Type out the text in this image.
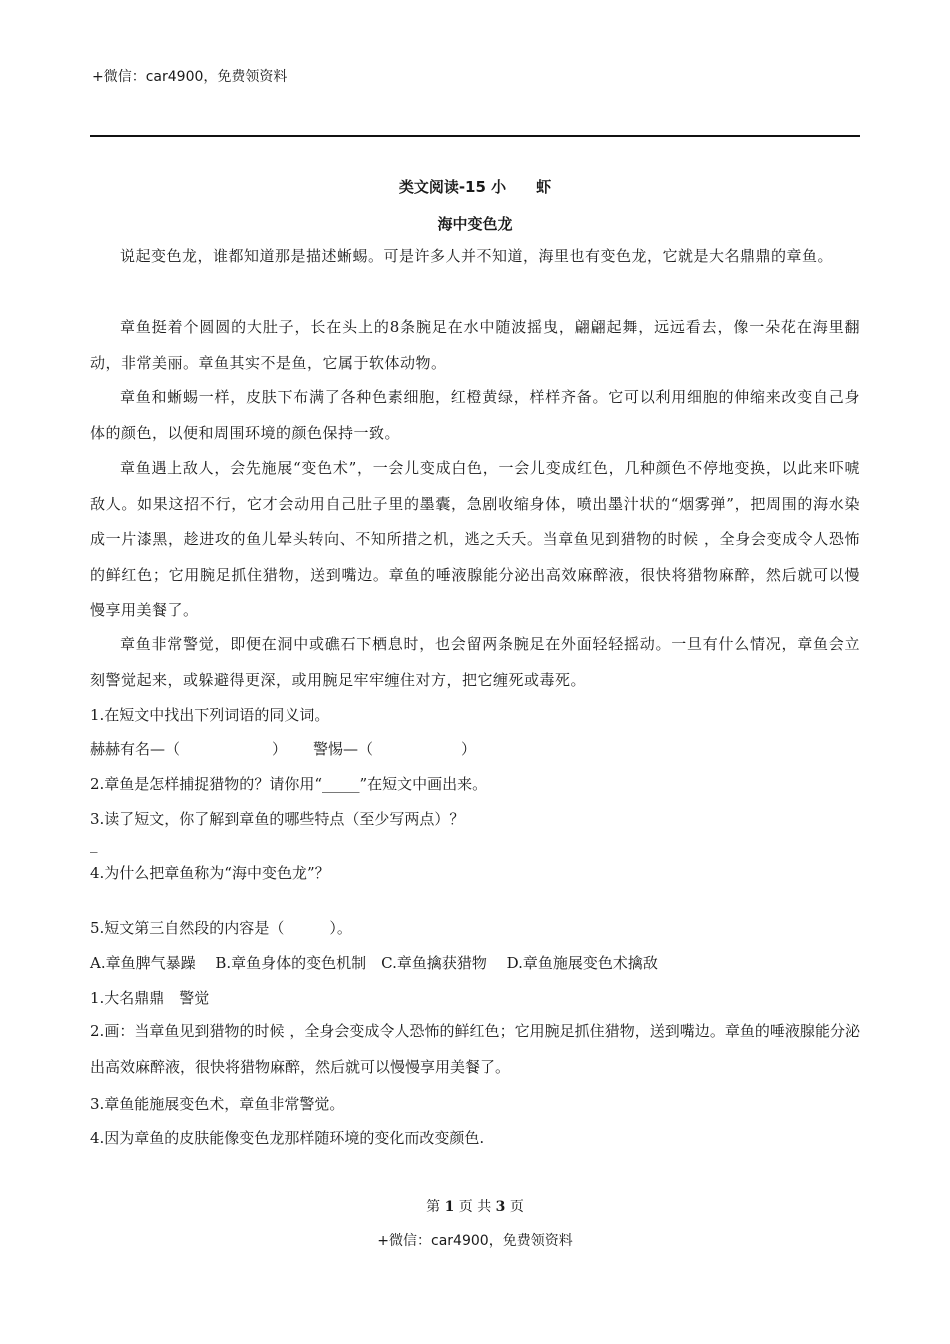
+微信：car4900，免费领资料
类文阅读-15 小　　虾
海中变色龙

说起变色龙，谁都知道那是描述蜥蜴。可是许多人并不知道，海里也有变色龙，它就是大名鼎鼎的章鱼。

章鱼挺着个圆圆的大肚子，长在头上的8条腕足在水中随波摇曳，翩翩起舞，远远看去，像一朵花在海里翻动，非常美丽。章鱼其实不是鱼，它属于软体动物。

章鱼和蜥蜴一样，皮肤下布满了各种色素细胞，红橙黄绿，样样齐备。它可以利用细胞的伸缩来改变自己身体的颜色，以便和周围环境的颜色保持一致。

章鱼遇上敌人，会先施展“变色术”，一会儿变成白色，一会儿变成红色，几种颜色不停地变换，以此来吓唬敌人。如果这招不行，它才会动用自己肚子里的墨囊，急剧收缩身体，喷出墨汁状的“烟雾弹”，把周围的海水染成一片漆黑，趁进攻的鱼儿晕头转向、不知所措之机，逃之夭夭。当章鱼见到猎物的时候 ，全身会变成令人恐怖的鲜红色；它用腕足抓住猎物，送到嘴边。章鱼的唾液腺能分泌出高效麻醉液，很快将猎物麻醉，然后就可以慢慢享用美餐了。

章鱼非常警觉，即便在洞中或礁石下栖息时，也会留两条腕足在外面轻轻摇动。一旦有什么情况，章鱼会立刻警觉起来，或躲避得更深，或用腕足牢牢缠住对方，把它缠死或毒死。

1.在短文中找出下列词语的同义词。
赫赫有名—（	） 警惕—（	）
2.章鱼是怎样捕捉猎物的？请你用“_____”在短文中画出来。
3.读了短文，你了解到章鱼的哪些特点（至少写两点）？
_
4.为什么把章鱼称为“海中变色龙”？
5.短文第三自然段的内容是（　　　）。
A.章鱼脾气暴躁　 B.章鱼身体的变色机制　C.章鱼擒获猎物　 D.章鱼施展变色术擒敌
1.大名鼎鼎　警觉

2.画：当章鱼见到猎物的时候 ，全身会变成令人恐怖的鲜红色；它用腕足抓住猎物，送到嘴边。章鱼的唾液腺能分泌出高效麻醉液，很快将猎物麻醉，然后就可以慢慢享用美餐了。

3.章鱼能施展变色术，章鱼非常警觉。
4.因为章鱼的皮肤能像变色龙那样随环境的变化而改变颜色.
第 1 页 共 3 页
+微信：car4900，免费领资料
